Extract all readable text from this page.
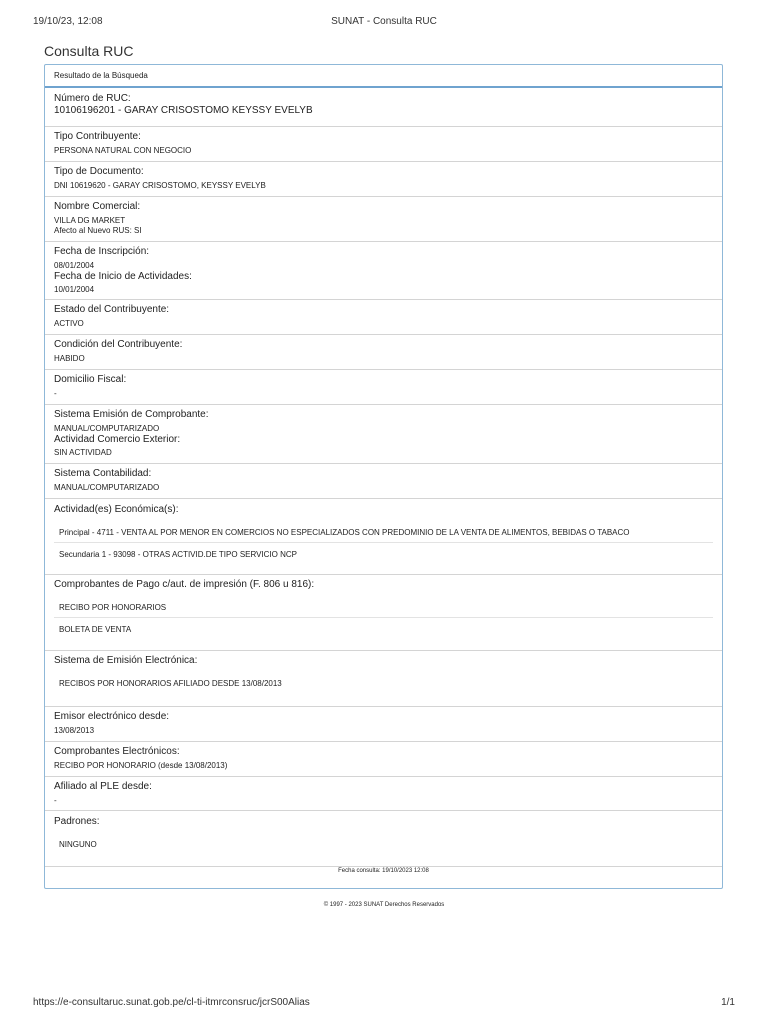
19/10/23, 12:08	SUNAT - Consulta RUC
Consulta RUC
Resultado de la Búsqueda
Número de RUC:
10106196201 - GARAY CRISOSTOMO KEYSSY EVELYB
Tipo Contribuyente:
PERSONA NATURAL CON NEGOCIO
Tipo de Documento:
DNI 10619620 - GARAY CRISOSTOMO, KEYSSY EVELYB
Nombre Comercial:
VILLA DG MARKET
Afecto al Nuevo RUS: SI
Fecha de Inscripción:
08/01/2004
Fecha de Inicio de Actividades:
10/01/2004
Estado del Contribuyente:
ACTIVO
Condición del Contribuyente:
HABIDO
Domicilio Fiscal:
-
Sistema Emisión de Comprobante:
MANUAL/COMPUTARIZADO
Actividad Comercio Exterior:
SIN ACTIVIDAD
Sistema Contabilidad:
MANUAL/COMPUTARIZADO
Actividad(es) Económica(s):
Principal - 4711 - VENTA AL POR MENOR EN COMERCIOS NO ESPECIALIZADOS CON PREDOMINIO DE LA VENTA DE ALIMENTOS, BEBIDAS O TABACO
Secundaria 1 - 93098 - OTRAS ACTIVID.DE TIPO SERVICIO NCP
Comprobantes de Pago c/aut. de impresión (F. 806 u 816):
RECIBO POR HONORARIOS
BOLETA DE VENTA
Sistema de Emisión Electrónica:
RECIBOS POR HONORARIOS AFILIADO DESDE 13/08/2013
Emisor electrónico desde:
13/08/2013
Comprobantes Electrónicos:
RECIBO POR HONORARIO (desde 13/08/2013)
Afiliado al PLE desde:
-
Padrones:
NINGUNO
Fecha consulta: 19/10/2023 12:08
© 1997 - 2023 SUNAT Derechos Reservados
https://e-consultaruc.sunat.gob.pe/cl-ti-itmrconsruc/jcrS00Alias	1/1
